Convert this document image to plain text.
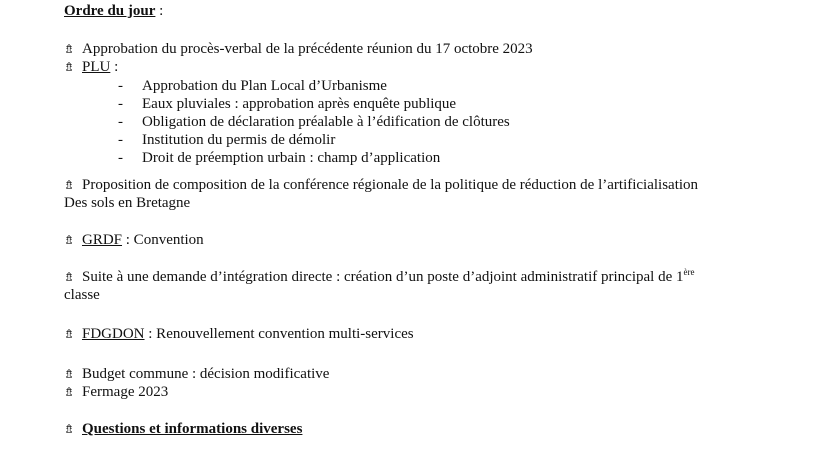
Ordre du jour :
⇯ Approbation du procès-verbal de la précédente réunion du 17 octobre 2023
⇯ PLU :
- Approbation du Plan Local d’Urbanisme
- Eaux pluviales : approbation après enquête publique
- Obligation de déclaration préalable à l’édification de clôtures
- Institution du permis de démolir
- Droit de préemption urbain : champ d’application
⇯ Proposition de composition de la conférence régionale de la politique de réduction de l’artificialisation
Des sols en Bretagne
⇯ GRDF : Convention
⇯ Suite à une demande d’intégration directe : création d’un poste d’adjoint administratif principal de 1ère
classe
⇯ FDGDON : Renouvellement convention multi-services
⇯ Budget commune : décision modificative
⇯ Fermage 2023
⇯ Questions et informations diverses
